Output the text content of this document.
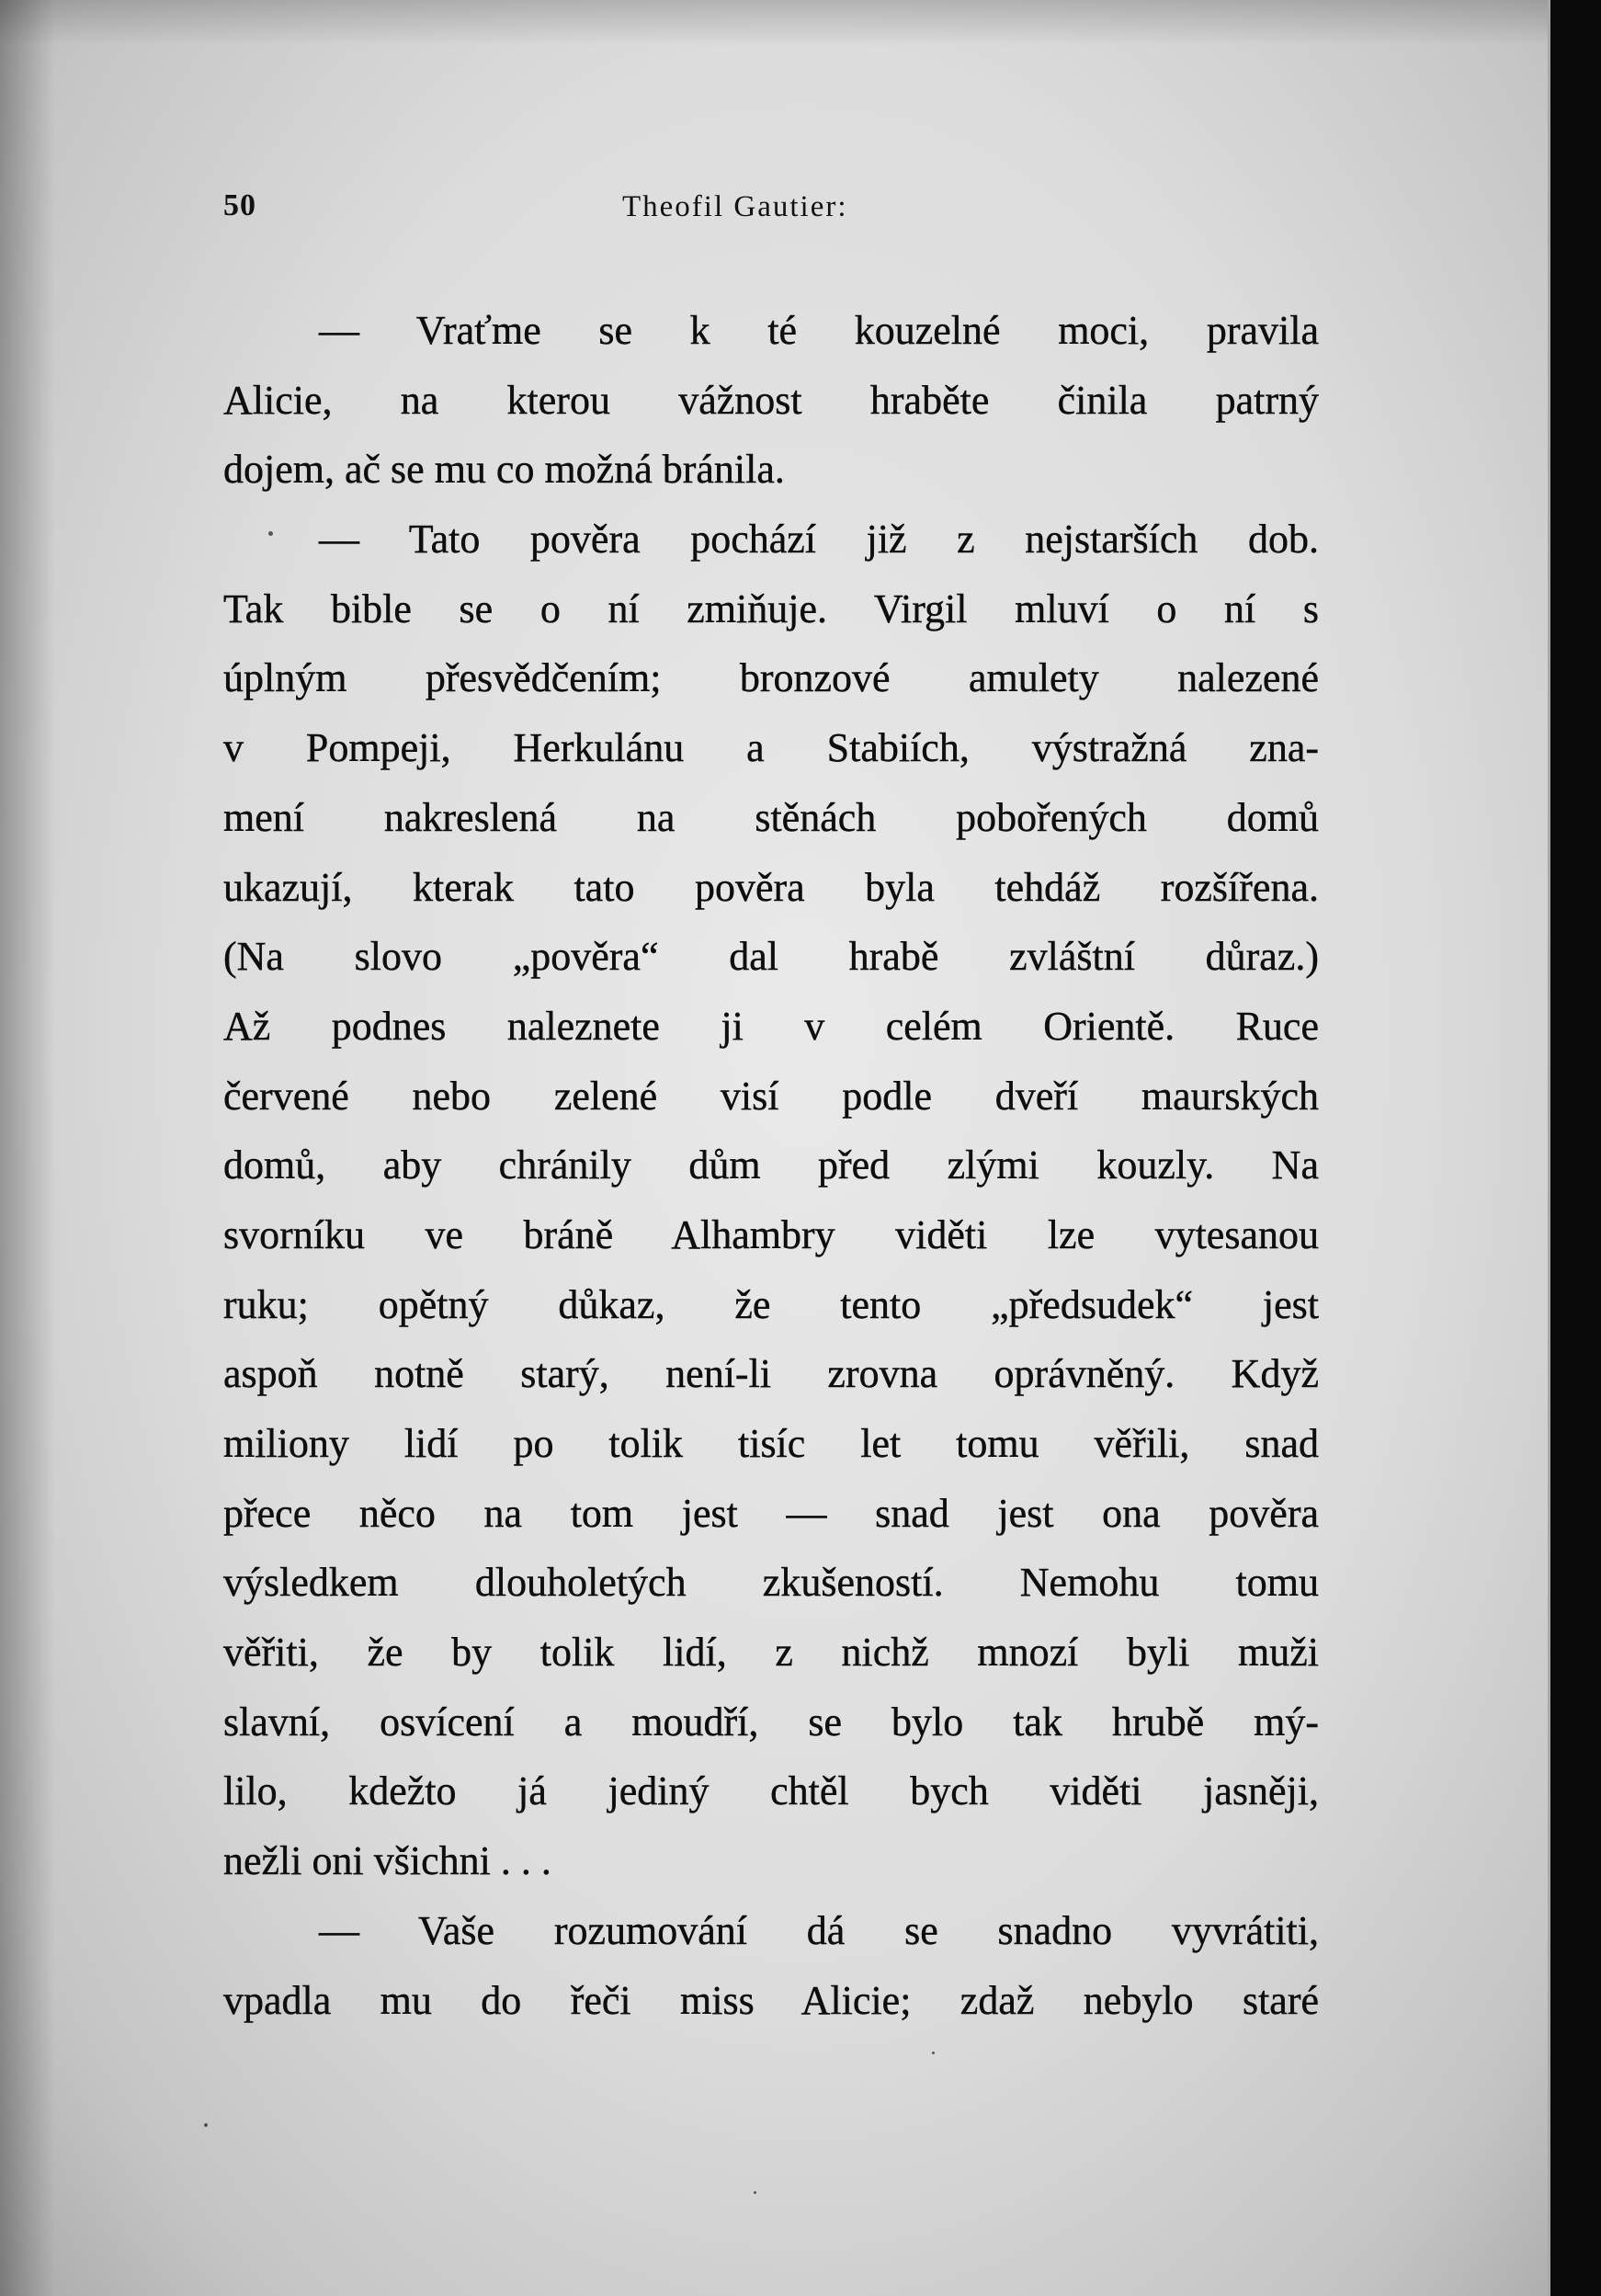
50	Theofil Gautier:
— Vraťme se k té kouzelné moci, pravila
Alicie, na kterou vážnost hraběte činila patrný
dojem, ač se mu co možná bránila.
— Tato pověra pochází již z nejstarších dob.
Tak bible se o ní zmiňuje. Virgil mluví o ní s
úplným přesvědčením; bronzové amulety nalezené
v Pompeji, Herkulánu a Stabiích, výstražná zna-
mení nakreslená na stěnách pobořených domů
ukazují, kterak tato pověra byla tehdáž rozšířena.
(Na slovo „pověra“ dal hrabě zvláštní důraz.)
Až podnes naleznete ji v celém Orientě. Ruce
červené nebo zelené visí podle dveří maurských
domů, aby chránily dům před zlými kouzly. Na
svorníku ve bráně Alhambry viděti lze vytesanou
ruku; opětný důkaz, že tento „předsudek“ jest
aspoň notně starý, není-li zrovna oprávněný. Když
miliony lidí po tolik tisíc let tomu věřili, snad
přece něco na tom jest — snad jest ona pověra
výsledkem dlouholetých zkušeností. Nemohu tomu
věřiti, že by tolik lidí, z nichž mnozí byli muži
slavní, osvícení a moudří, se bylo tak hrubě mý-
lilo, kdežto já jediný chtěl bych viděti jasněji,
nežli oni všichni . . .
— Vaše rozumování dá se snadno vyvrátiti,
vpadla mu do řeči miss Alicie; zdaž nebylo staré
